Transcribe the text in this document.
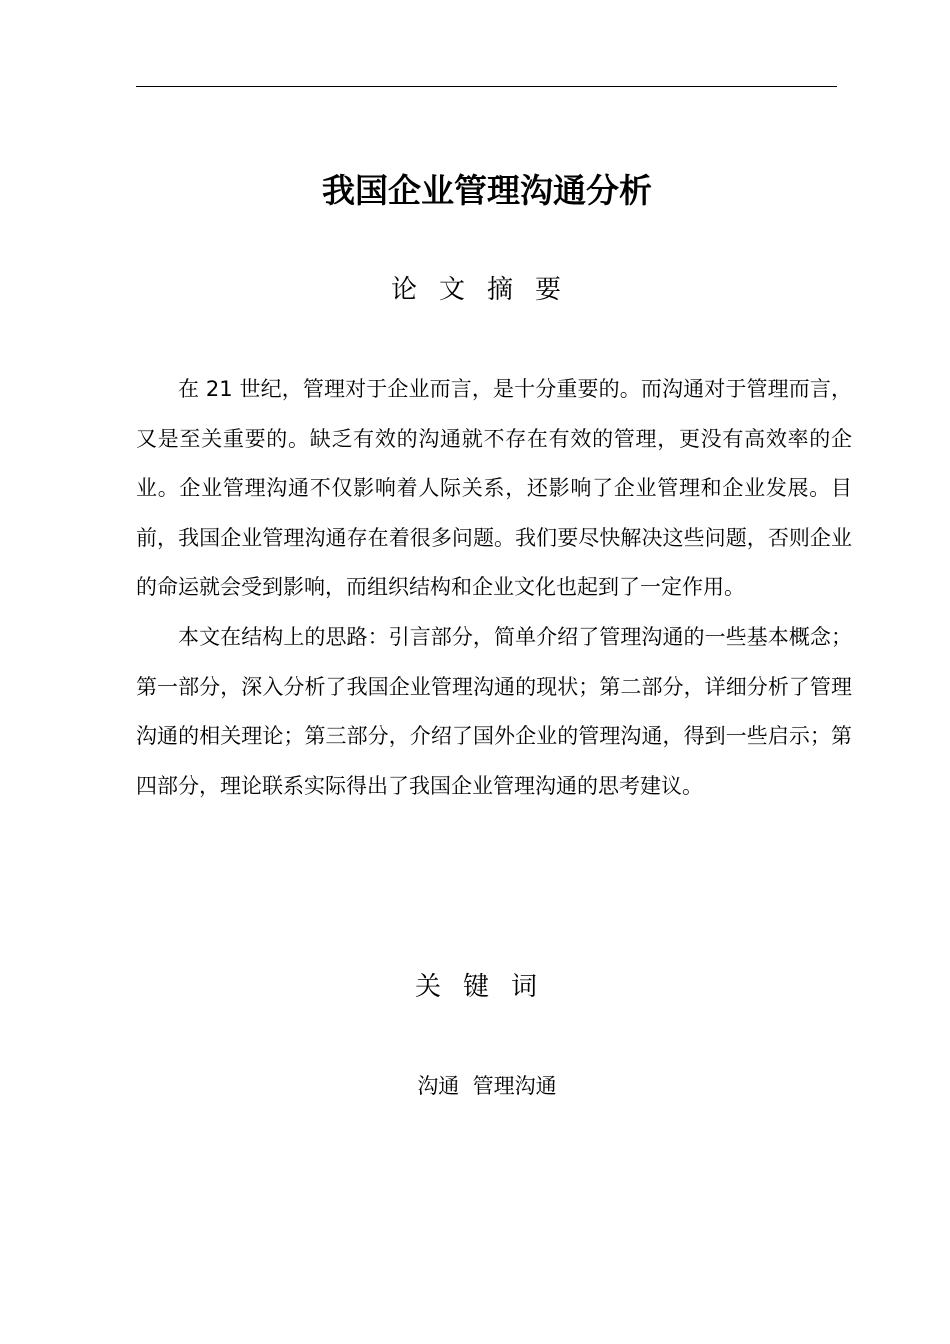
我国企业管理沟通分析
论文摘要

在 21 世纪，管理对于企业而言，是十分重要的。而沟通对于管理而言，又是至关重要的。缺乏有效的沟通就不存在有效的管理，更没有高效率的企业。企业管理沟通不仅影响着人际关系，还影响了企业管理和企业发展。目前，我国企业管理沟通存在着很多问题。我们要尽快解决这些问题，否则企业的命运就会受到影响，而组织结构和企业文化也起到了一定作用。

本文在结构上的思路：引言部分，简单介绍了管理沟通的一些基本概念；第一部分，深入分析了我国企业管理沟通的现状；第二部分，详细分析了管理沟通的相关理论；第三部分，介绍了国外企业的管理沟通，得到一些启示；第四部分，理论联系实际得出了我国企业管理沟通的思考建议。

关键词

沟通  管理沟通
